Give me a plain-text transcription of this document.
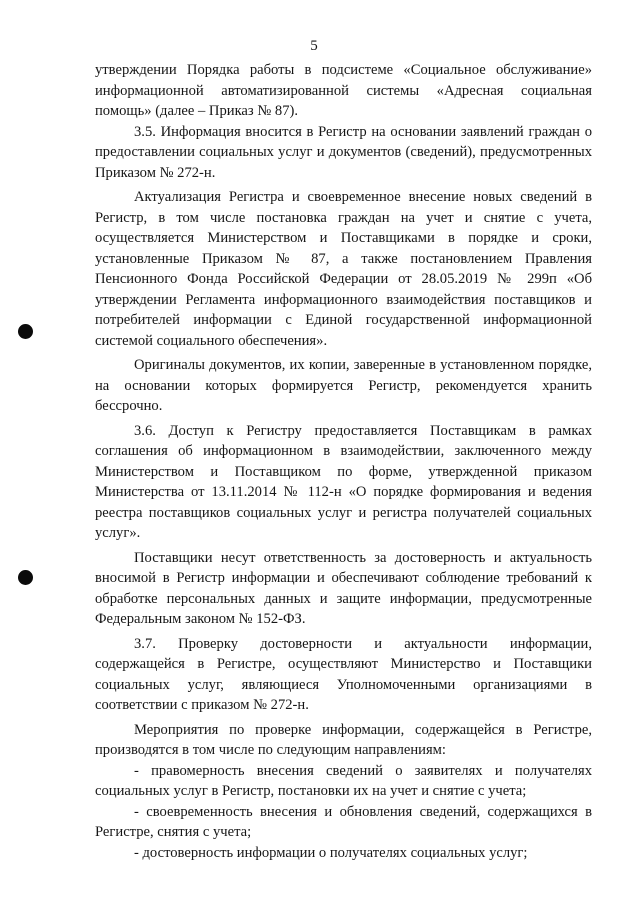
5

утверждении Порядка работы в подсистеме «Социальное обслуживание» информационной автоматизированной системы «Адресная социальная помощь» (далее – Приказ № 87).

3.5. Информация вносится в Регистр на основании заявлений граждан о предоставлении социальных услуг и документов (сведений), предусмотренных Приказом № 272-н.

Актуализация Регистра и своевременное внесение новых сведений в Регистр, в том числе постановка граждан на учет и снятие с учета, осуществляется Министерством и Поставщиками в порядке и сроки, установленные Приказом № 87, а также постановлением Правления Пенсионного Фонда Российской Федерации от 28.05.2019 № 299п «Об утверждении Регламента информационного взаимодействия поставщиков и потребителей информации с Единой государственной информационной системой социального обеспечения».

Оригиналы документов, их копии, заверенные в установленном порядке, на основании которых формируется Регистр, рекомендуется хранить бессрочно.

3.6. Доступ к Регистру предоставляется Поставщикам в рамках соглашения об информационном в взаимодействии, заключенного между Министерством и Поставщиком по форме, утвержденной приказом Министерства от 13.11.2014 № 112-н «О порядке формирования и ведения реестра поставщиков социальных услуг и регистра получателей социальных услуг».

Поставщики несут ответственность за достоверность и актуальность вносимой в Регистр информации и обеспечивают соблюдение требований к обработке персональных данных и защите информации, предусмотренные Федеральным законом № 152-ФЗ.

3.7. Проверку достоверности и актуальности информации, содержащейся в Регистре, осуществляют Министерство и Поставщики социальных услуг, являющиеся Уполномоченными организациями в соответствии с приказом № 272-н.

Мероприятия по проверке информации, содержащейся в Регистре, производятся в том числе по следующим направлениям:

- правомерность внесения сведений о заявителях и получателях социальных услуг в Регистр, постановки их на учет и снятие с учета;

- своевременность внесения и обновления сведений, содержащихся в Регистре, снятия с учета;

- достоверность информации о получателях социальных услуг;
